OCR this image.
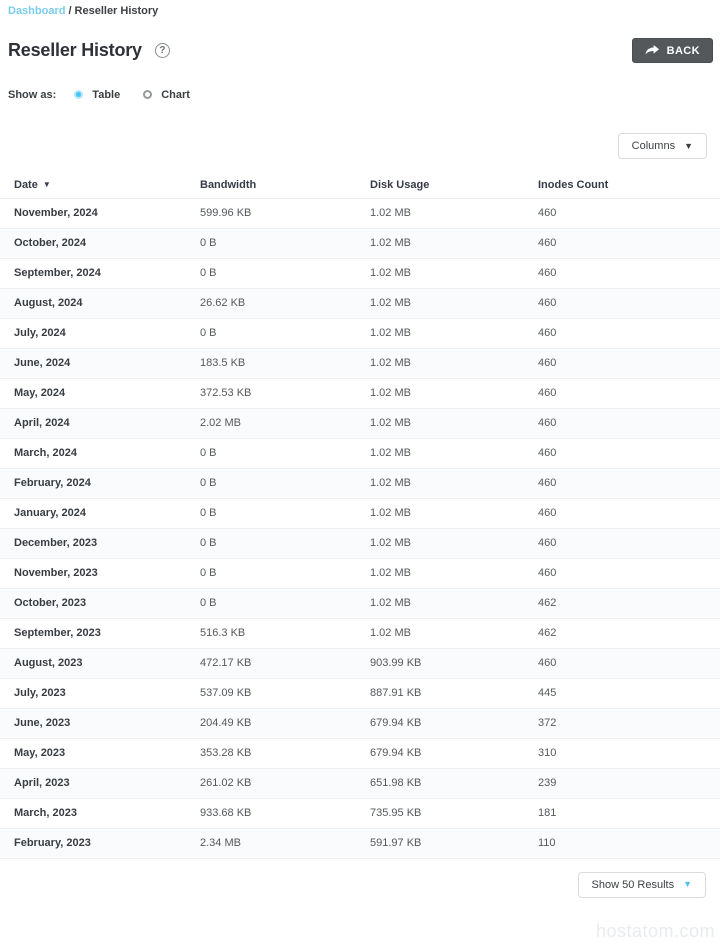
Dashboard / Reseller History
Reseller History	?	BACK
Show as:	Table	Chart
Columns ▼
Date ▼	Bandwidth	Disk Usage	Inodes Count
November, 2024	599.96 KB	1.02 MB	460
October, 2024	0 B	1.02 MB	460
September, 2024	0 B	1.02 MB	460
August, 2024	26.62 KB	1.02 MB	460
July, 2024	0 B	1.02 MB	460
June, 2024	183.5 KB	1.02 MB	460
May, 2024	372.53 KB	1.02 MB	460
April, 2024	2.02 MB	1.02 MB	460
March, 2024	0 B	1.02 MB	460
February, 2024	0 B	1.02 MB	460
January, 2024	0 B	1.02 MB	460
December, 2023	0 B	1.02 MB	460
November, 2023	0 B	1.02 MB	460
October, 2023	0 B	1.02 MB	462
September, 2023	516.3 KB	1.02 MB	462
August, 2023	472.17 KB	903.99 KB	460
July, 2023	537.09 KB	887.91 KB	445
June, 2023	204.49 KB	679.94 KB	372
May, 2023	353.28 KB	679.94 KB	310
April, 2023	261.02 KB	651.98 KB	239
March, 2023	933.68 KB	735.95 KB	181
February, 2023	2.34 MB	591.97 KB	110
Show 50 Results ▼
hostatom.com
